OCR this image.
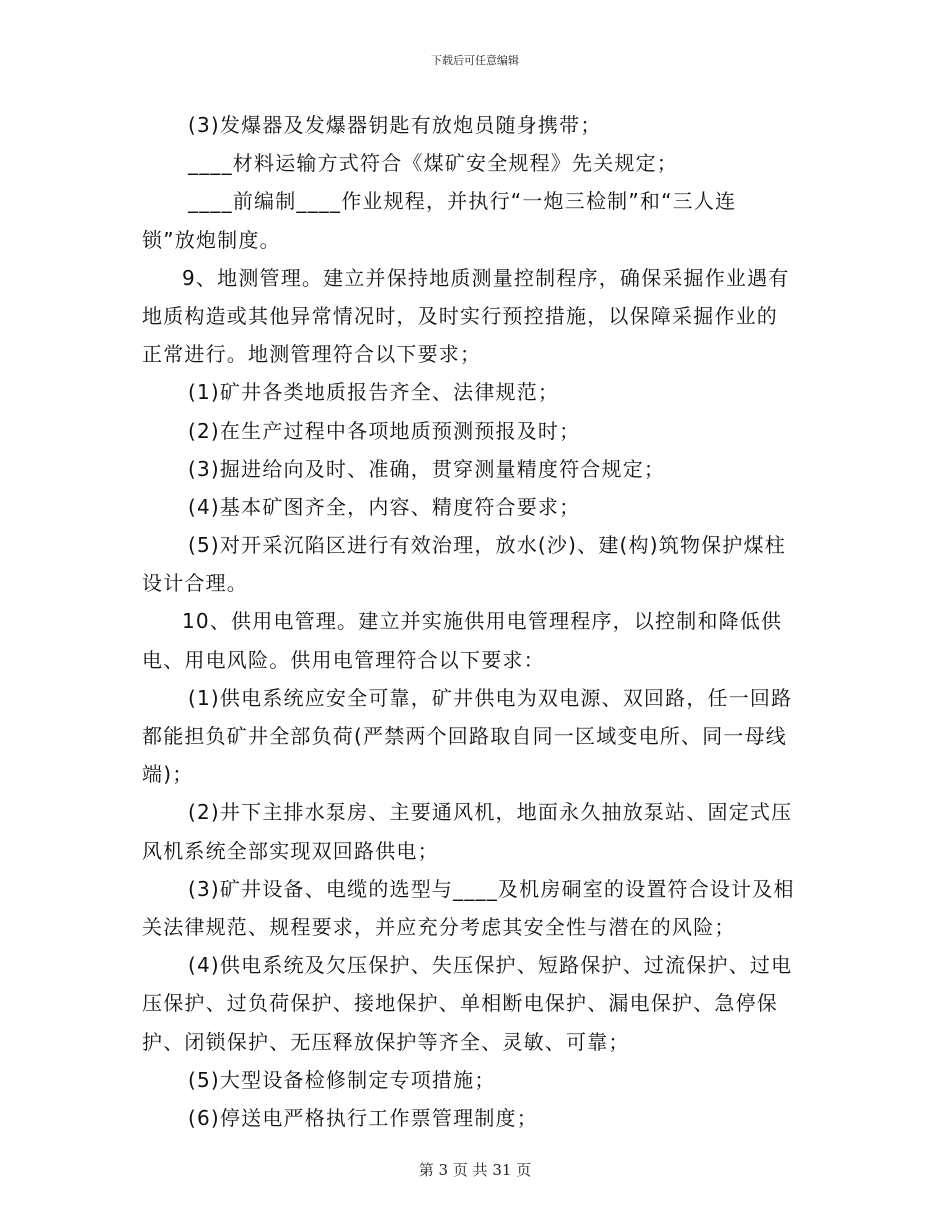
下载后可任意编辑
(3)发爆器及发爆器钥匙有放炮员随身携带；
____材料运输方式符合《煤矿安全规程》先关规定；
____前编制____作业规程，并执行“一炮三检制”和“三人连
锁”放炮制度。
9、地测管理。建立并保持地质测量控制程序，确保采掘作业遇有
地质构造或其他异常情况时，及时实行预控措施，以保障采掘作业的
正常进行。地测管理符合以下要求；
(1)矿井各类地质报告齐全、法律规范；
(2)在生产过程中各项地质预测预报及时；
(3)掘进给向及时、准确，贯穿测量精度符合规定；
(4)基本矿图齐全，内容、精度符合要求；
(5)对开采沉陷区进行有效治理，放水(沙)、建(构)筑物保护煤柱
设计合理。
10、供用电管理。建立并实施供用电管理程序，以控制和降低供
电、用电风险。供用电管理符合以下要求：
(1)供电系统应安全可靠，矿井供电为双电源、双回路，任一回路
都能担负矿井全部负荷(严禁两个回路取自同一区域变电所、同一母线
端)；
(2)井下主排水泵房、主要通风机，地面永久抽放泵站、固定式压
风机系统全部实现双回路供电；
(3)矿井设备、电缆的选型与____及机房硐室的设置符合设计及相
关法律规范、规程要求，并应充分考虑其安全性与潜在的风险；
(4)供电系统及欠压保护、失压保护、短路保护、过流保护、过电
压保护、过负荷保护、接地保护、单相断电保护、漏电保护、急停保
护、闭锁保护、无压释放保护等齐全、灵敏、可靠；
(5)大型设备检修制定专项措施；
(6)停送电严格执行工作票管理制度；
第 3 页 共 31 页
